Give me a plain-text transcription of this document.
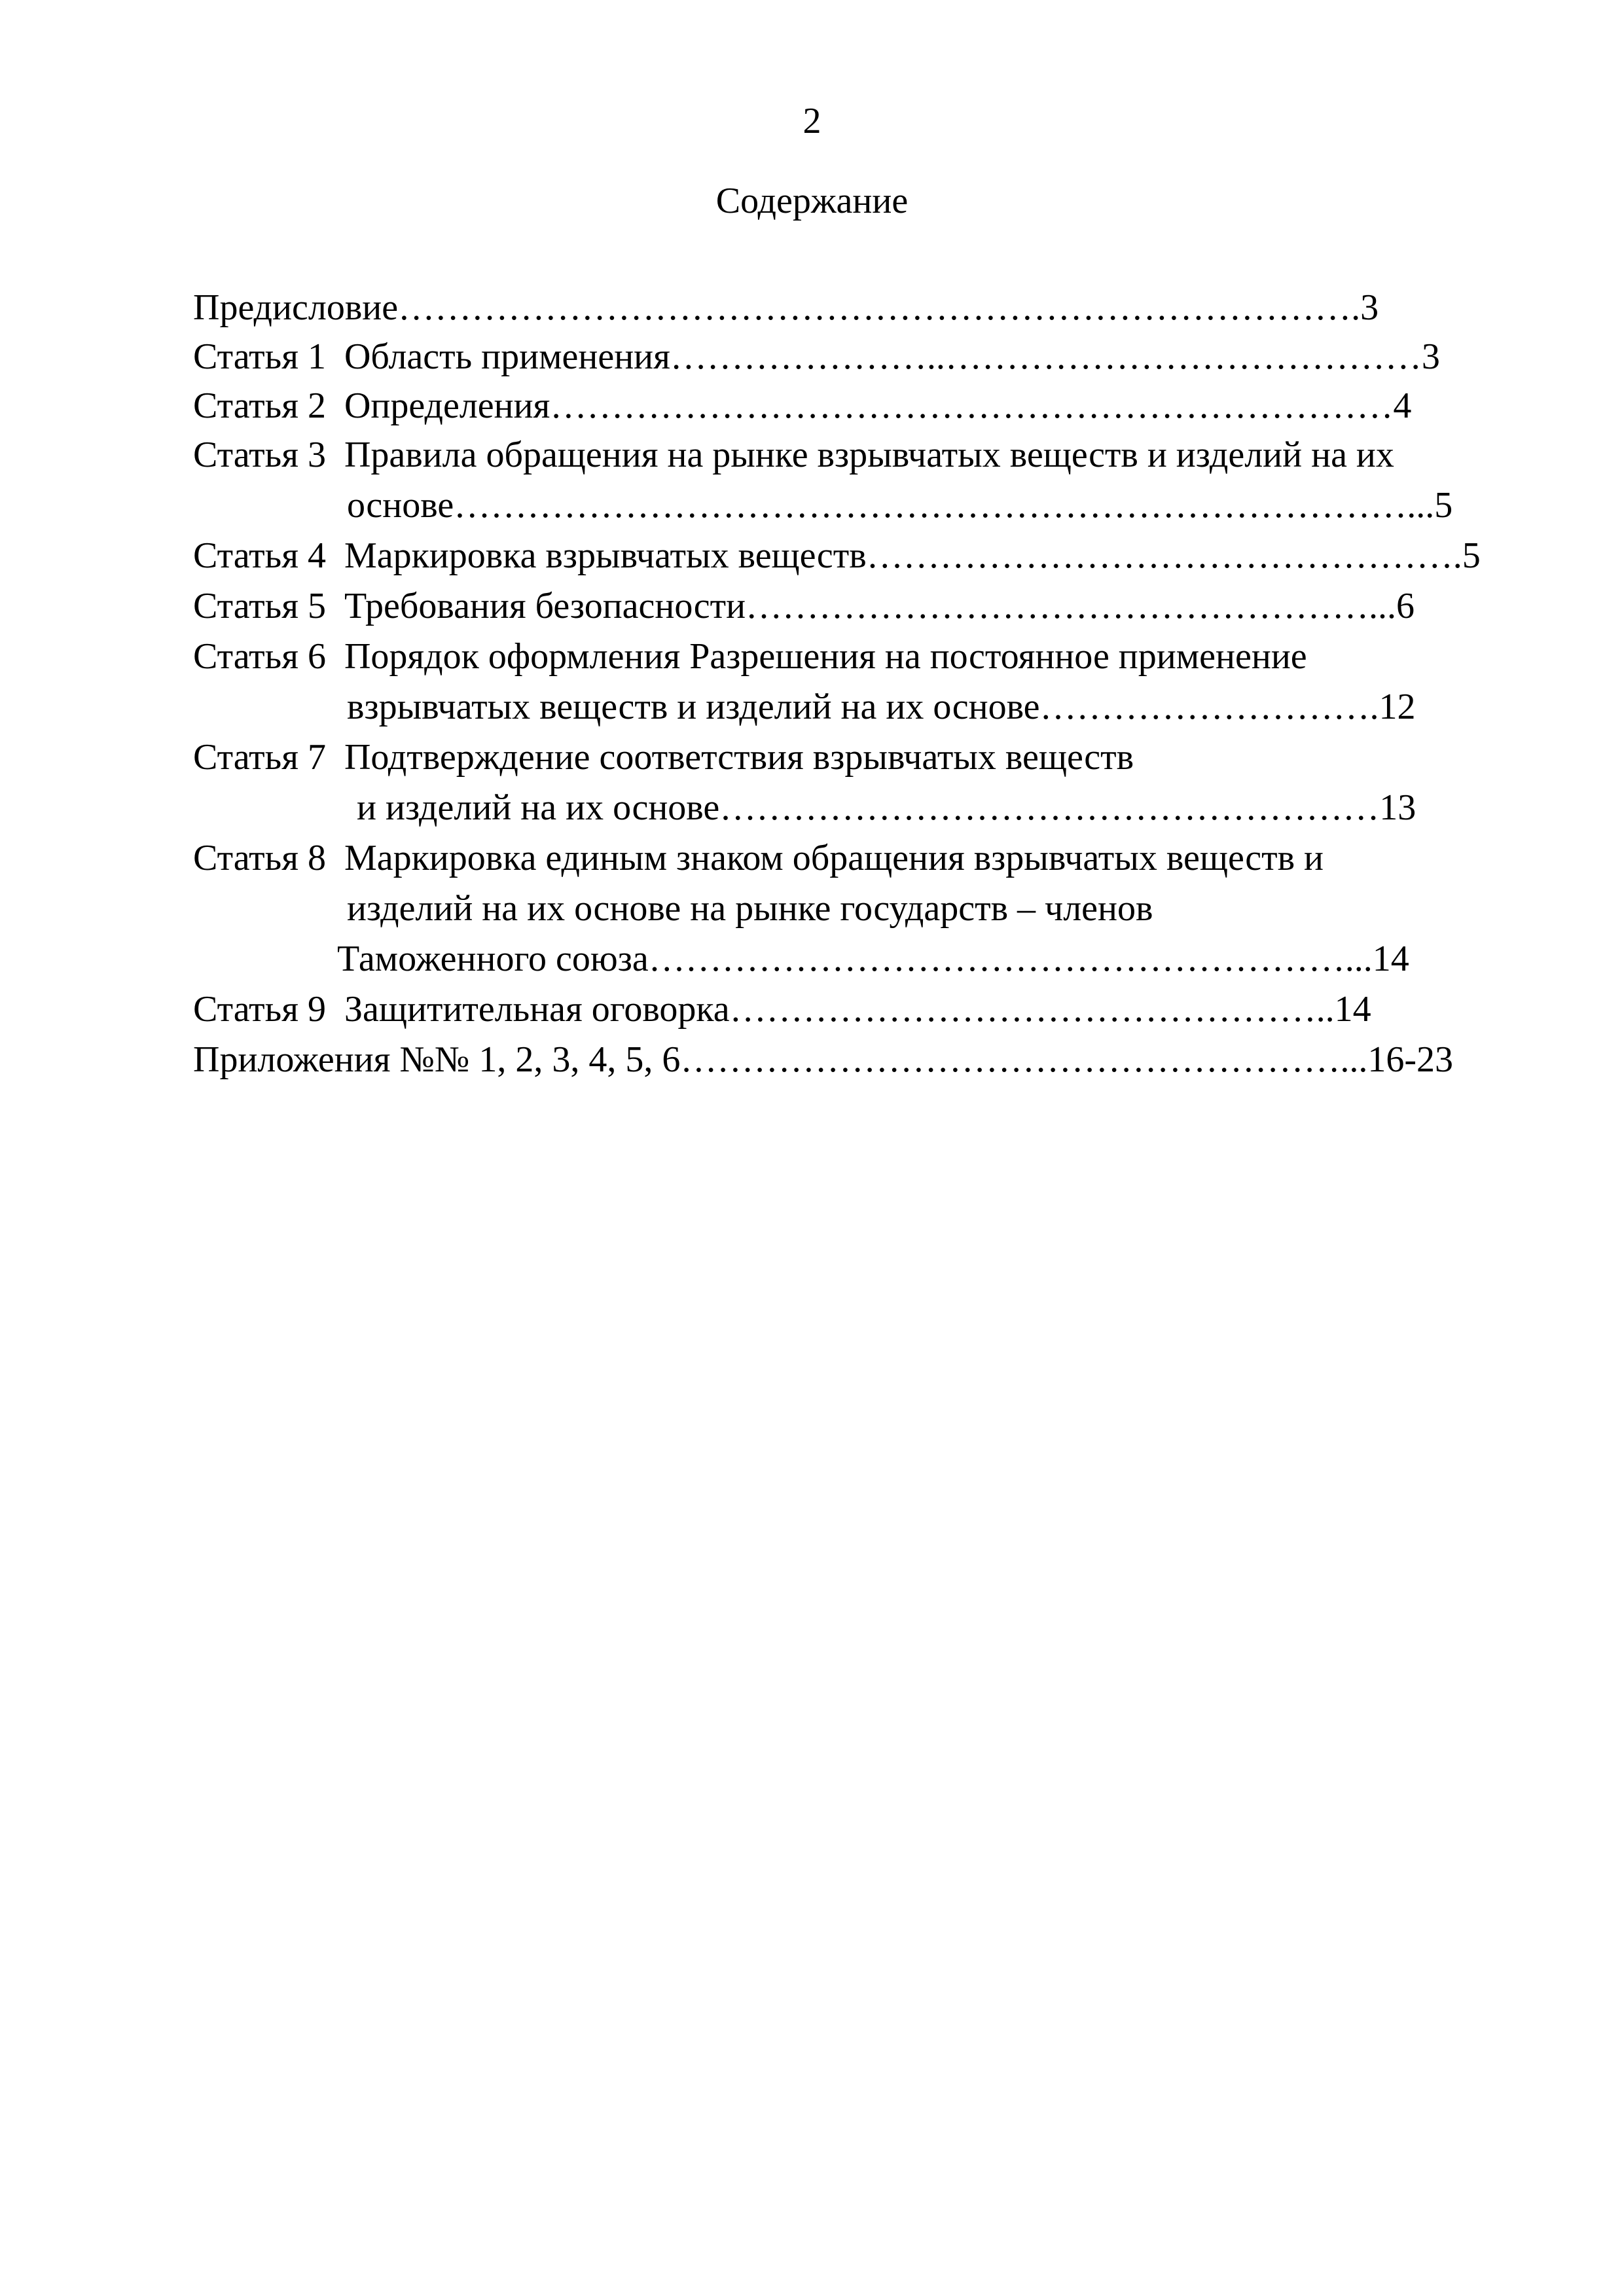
2
Содержание
Предисловие…………………………………………………………………….3
Статья 1  Область применения…………………..…………………………………3
Статья 2  Определения……………………………………………………………4
Статья 3  Правила обращения на рынке взрывчатых веществ и изделий на их
основе……………………………………………………………………...5
Статья 4  Маркировка взрывчатых веществ………………………………………….5
Статья 5  Требования безопасности……………………………………………...6
Статья 6  Порядок оформления Разрешения на постоянное применение
взрывчатых веществ и изделий на их основе……………………….12
Статья 7  Подтверждение соответствия взрывчатых веществ
и изделий на их основе………………………………………………13
Статья 8  Маркировка единым знаком обращения взрывчатых веществ и
изделий на их основе на рынке государств – членов
Таможенного союза…………………………………………………...14
Статья 9  Защитительная оговорка…………………………………………..14
Приложения №№ 1, 2, 3, 4, 5, 6………………………………………………...16-23
